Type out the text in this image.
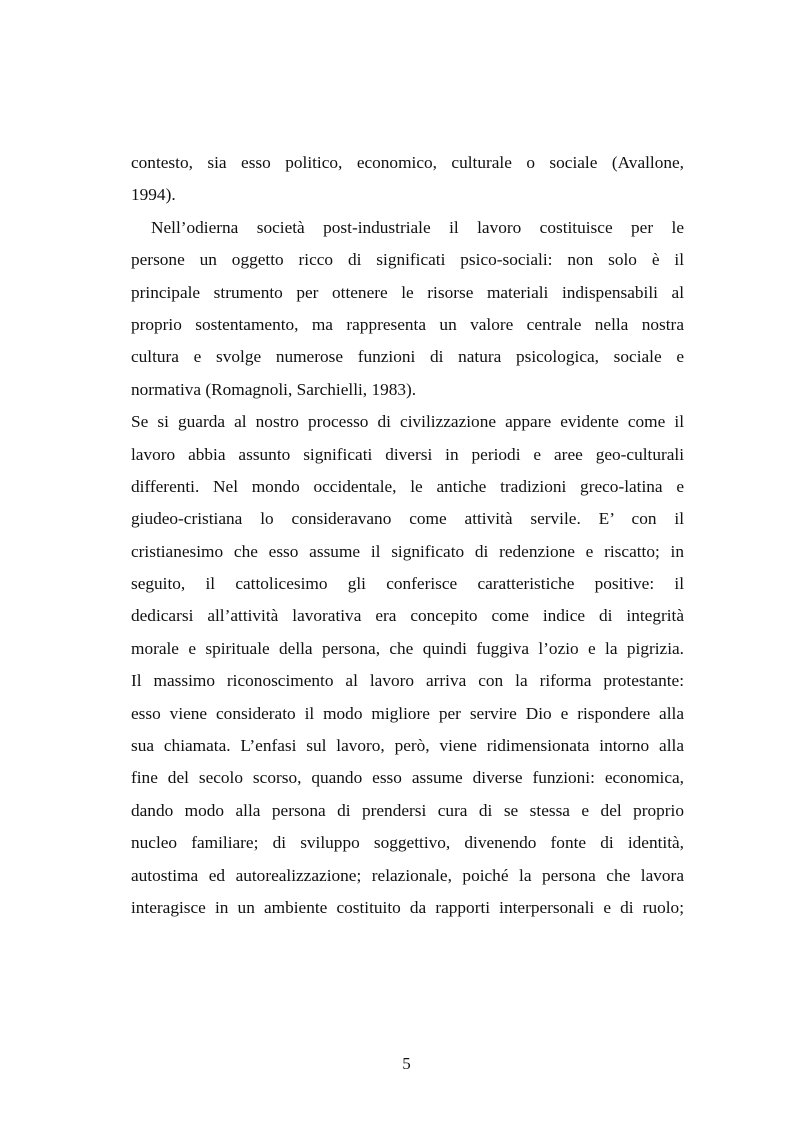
contesto, sia esso politico, economico, culturale o sociale (Avallone,
1994).
Nell’odierna società post-industriale il lavoro costituisce per le
persone un oggetto ricco di significati psico-sociali: non solo è il
principale strumento per ottenere le risorse materiali indispensabili al
proprio sostentamento, ma rappresenta un valore centrale nella nostra
cultura e svolge numerose funzioni di natura psicologica, sociale e
normativa (Romagnoli, Sarchielli, 1983).
Se si guarda al nostro processo di civilizzazione appare evidente come il
lavoro abbia assunto significati diversi in periodi e aree geo-culturali
differenti. Nel mondo occidentale, le antiche tradizioni greco-latina e
giudeo-cristiana lo consideravano come attività servile. E’ con il
cristianesimo che esso assume il significato di redenzione e riscatto; in
seguito, il cattolicesimo gli conferisce caratteristiche positive: il
dedicarsi all’attività lavorativa era concepito come indice di integrità
morale e spirituale della persona, che quindi fuggiva l’ozio e la pigrizia.
Il massimo riconoscimento al lavoro arriva con la riforma protestante:
esso viene considerato il modo migliore per servire Dio e rispondere alla
sua chiamata. L’enfasi sul lavoro, però, viene ridimensionata intorno alla
fine del secolo scorso, quando esso assume diverse funzioni: economica,
dando modo alla persona di prendersi cura di se stessa e del proprio
nucleo familiare; di sviluppo soggettivo, divenendo fonte di identità,
autostima ed autorealizzazione; relazionale, poiché la persona che lavora
interagisce in un ambiente costituito da rapporti interpersonali e di ruolo;
5
